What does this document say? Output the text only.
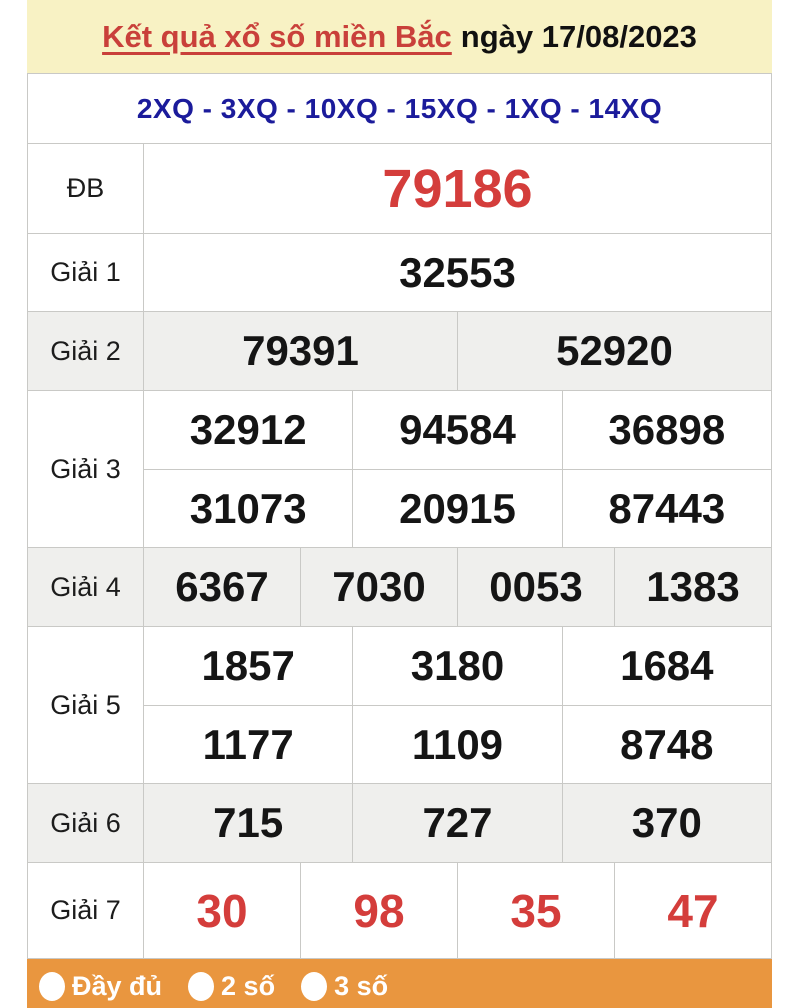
Kết quả xổ số miền Bắc ngày 17/08/2023
2XQ - 3XQ - 10XQ - 15XQ - 1XQ - 14XQ
ĐB	79186
Giải 1	32553
Giải 2	79391	52920
Giải 3
32912	94584	36898
31073	20915	87443
Giải 4	6367	7030	0053	1383
Giải 5
1857	3180	1684
1177	1109	8748
Giải 6	715	727	370
Giải 7	30	98	35	47
Đầy đủ 2 số 3 số
